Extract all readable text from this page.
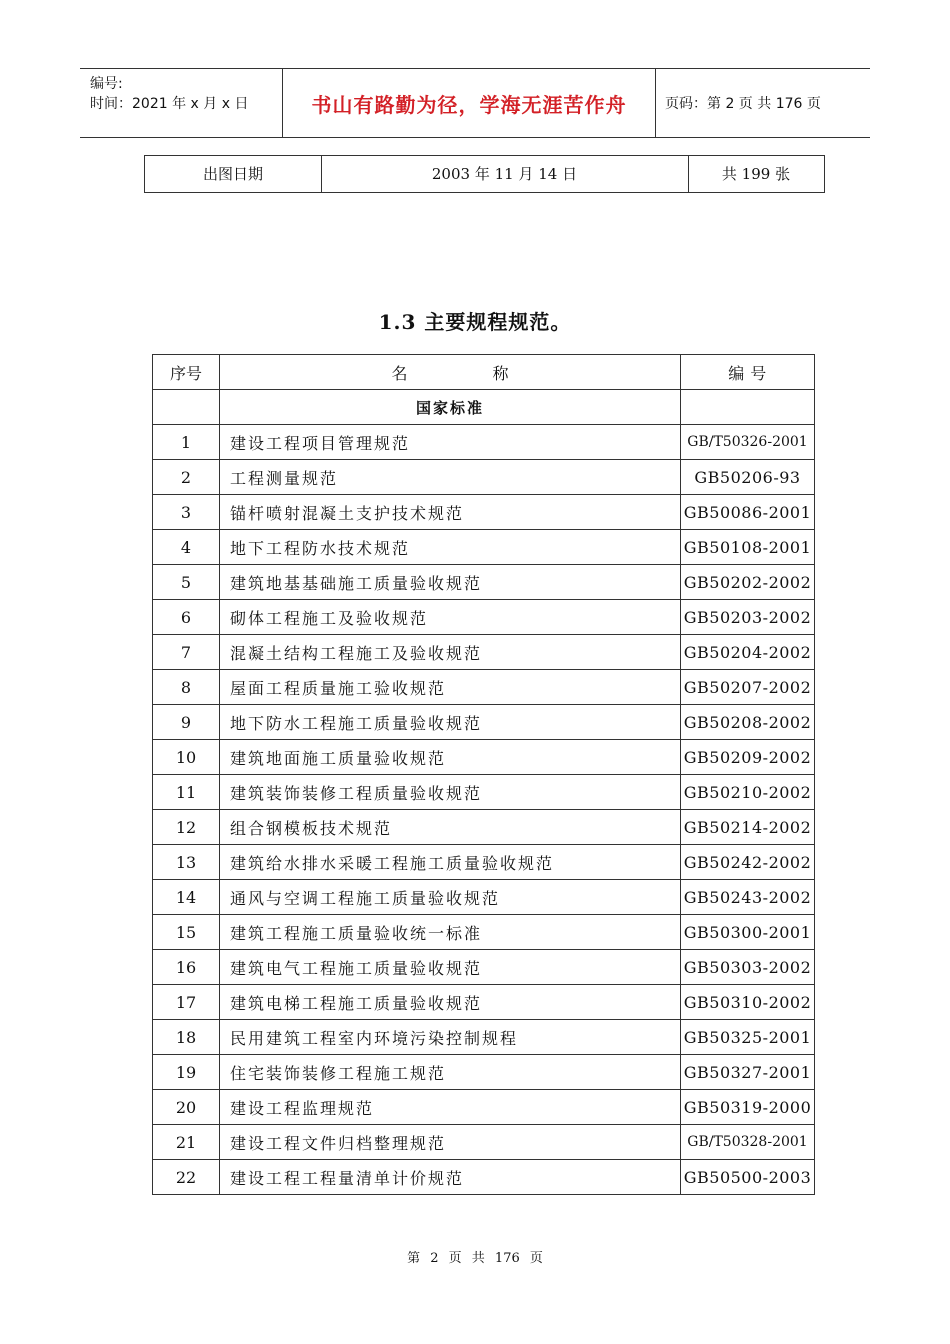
编号:
时间：2021 年 x 月 x 日	书山有路勤为径，学海无涯苦作舟	页码：第 2 页 共 176 页
出图日期	2003 年 11 月 14 日	共 199 张
1.3 主要规程规范。
序号	名 称	编 号
	国家标准	
1	建设工程项目管理规范	GB/T50326-2001
2	工程测量规范	GB50206-93
3	锚杆喷射混凝土支护技术规范	GB50086-2001
4	地下工程防水技术规范	GB50108-2001
5	建筑地基基础施工质量验收规范	GB50202-2002
6	砌体工程施工及验收规范	GB50203-2002
7	混凝土结构工程施工及验收规范	GB50204-2002
8	屋面工程质量施工验收规范	GB50207-2002
9	地下防水工程施工质量验收规范	GB50208-2002
10	建筑地面施工质量验收规范	GB50209-2002
11	建筑装饰装修工程质量验收规范	GB50210-2002
12	组合钢模板技术规范	GB50214-2002
13	建筑给水排水采暖工程施工质量验收规范	GB50242-2002
14	通风与空调工程施工质量验收规范	GB50243-2002
15	建筑工程施工质量验收统一标准	GB50300-2001
16	建筑电气工程施工质量验收规范	GB50303-2002
17	建筑电梯工程施工质量验收规范	GB50310-2002
18	民用建筑工程室内环境污染控制规程	GB50325-2001
19	住宅装饰装修工程施工规范	GB50327-2001
20	建设工程监理规范	GB50319-2000
21	建设工程文件归档整理规范	GB/T50328-2001
22	建设工程工程量清单计价规范	GB50500-2003
第 2 页 共 176 页
